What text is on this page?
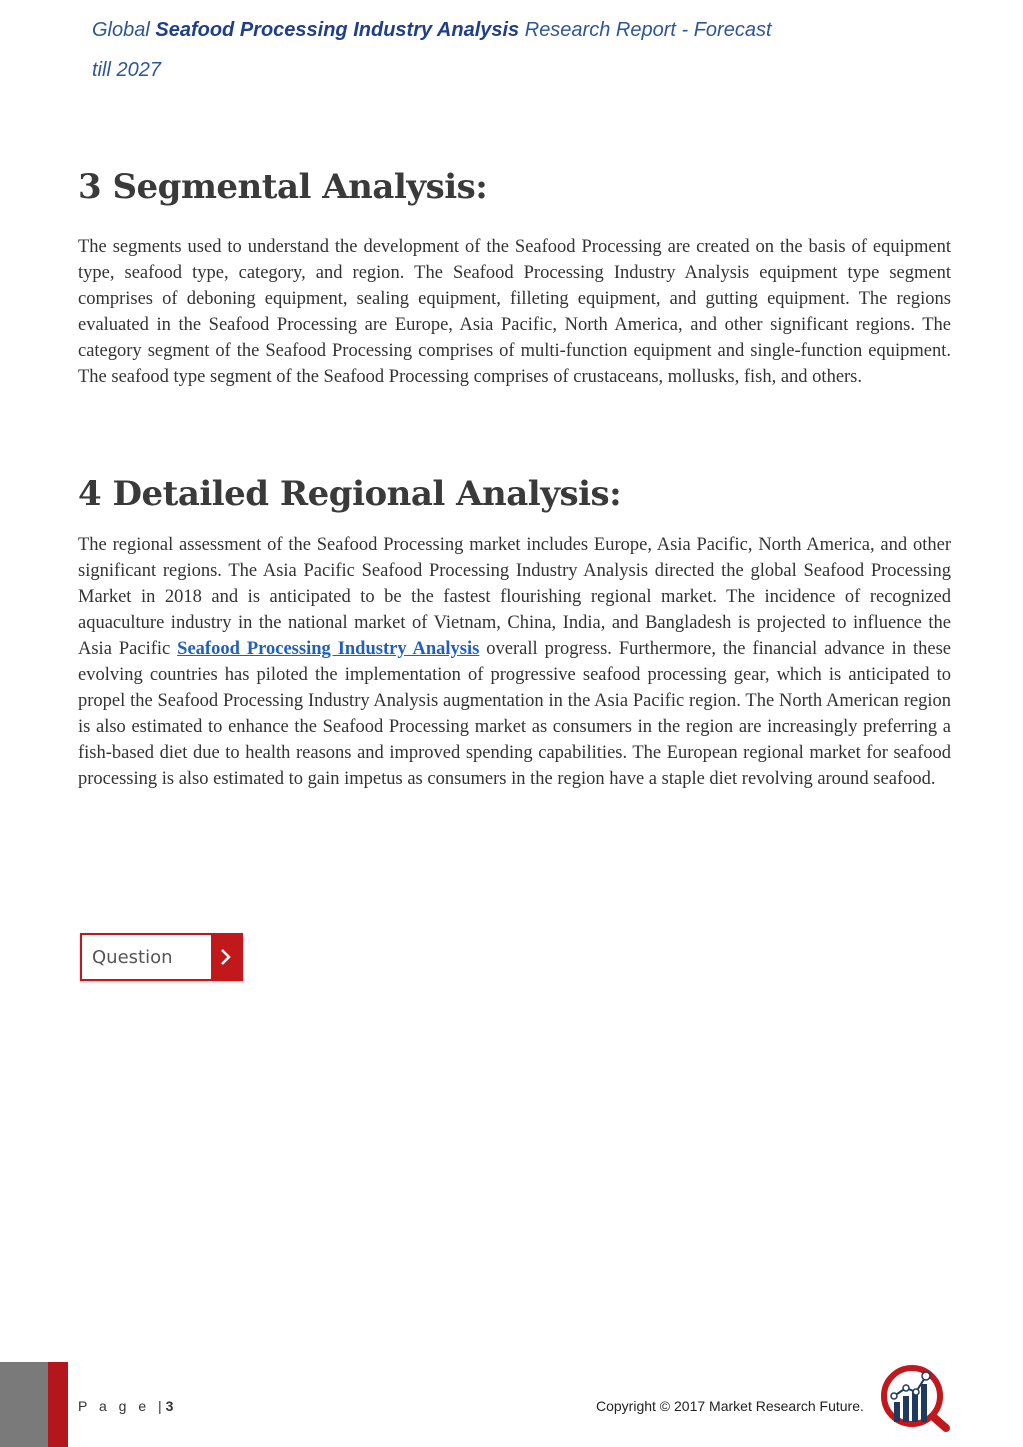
Global Seafood Processing Industry Analysis Research Report - Forecast till 2027
3 Segmental Analysis:

The segments used to understand the development of the Seafood Processing are created on the basis of equipment type, seafood type, category, and region. The Seafood Processing Industry Analysis equipment type segment comprises of deboning equipment, sealing equipment, filleting equipment, and gutting equipment. The regions evaluated in the Seafood Processing are Europe, Asia Pacific, North America, and other significant regions. The category segment of the Seafood Processing comprises of multi-function equipment and single-function equipment. The seafood type segment of the Seafood Processing comprises of crustaceans, mollusks, fish, and others.

4 Detailed Regional Analysis:

The regional assessment of the Seafood Processing market includes Europe, Asia Pacific, North America, and other significant regions. The Asia Pacific Seafood Processing Industry Analysis directed the global Seafood Processing Market in 2018 and is anticipated to be the fastest flourishing regional market. The incidence of recognized aquaculture industry in the national market of Vietnam, China, India, and Bangladesh is projected to influence the Asia Pacific Seafood Processing Industry Analysis overall progress. Furthermore, the financial advance in these evolving countries has piloted the implementation of progressive seafood processing gear, which is anticipated to propel the Seafood Processing Industry Analysis augmentation in the Asia Pacific region. The North American region is also estimated to enhance the Seafood Processing market as consumers in the region are increasingly preferring a fish-based diet due to health reasons and improved spending capabilities. The European regional market for seafood processing is also estimated to gain impetus as consumers in the region have a staple diet revolving around seafood.

Question
P a g e |3	Copyright © 2017 Market Research Future.
